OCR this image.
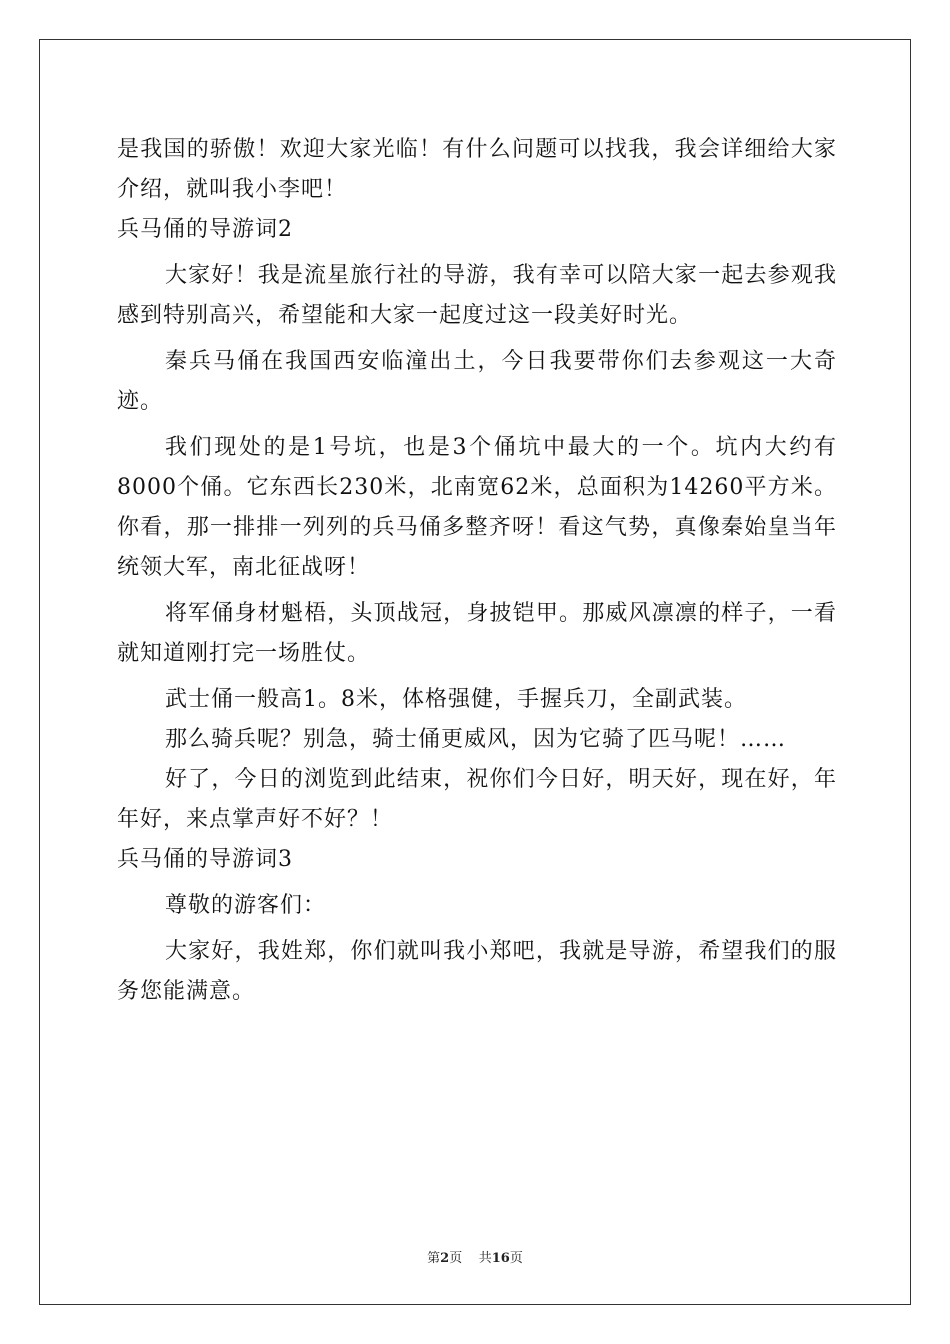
是我国的骄傲！欢迎大家光临！有什么问题可以找我，我会详细给大家介绍，就叫我小李吧！

兵马俑的导游词2

大家好！我是流星旅行社的导游，我有幸可以陪大家一起去参观我感到特别高兴，希望能和大家一起度过这一段美好时光。

秦兵马俑在我国西安临潼出土，今日我要带你们去参观这一大奇迹。

我们现处的是1号坑，也是3个俑坑中最大的一个。坑内大约有8000个俑。它东西长230米，北南宽62米，总面积为14260平方米。你看，那一排排一列列的兵马俑多整齐呀！看这气势，真像秦始皇当年统领大军，南北征战呀！

将军俑身材魁梧，头顶战冠，身披铠甲。那威风凛凛的样子，一看就知道刚打完一场胜仗。

武士俑一般高1。8米，体格强健，手握兵刀，全副武装。

那么骑兵呢？别急，骑士俑更威风，因为它骑了匹马呢！……

好了，今日的浏览到此结束，祝你们今日好，明天好，现在好，年年好，来点掌声好不好？！

兵马俑的导游词3

尊敬的游客们：

大家好，我姓郑，你们就叫我小郑吧，我就是导游，希望我们的服务您能满意。

第2页 共16页
